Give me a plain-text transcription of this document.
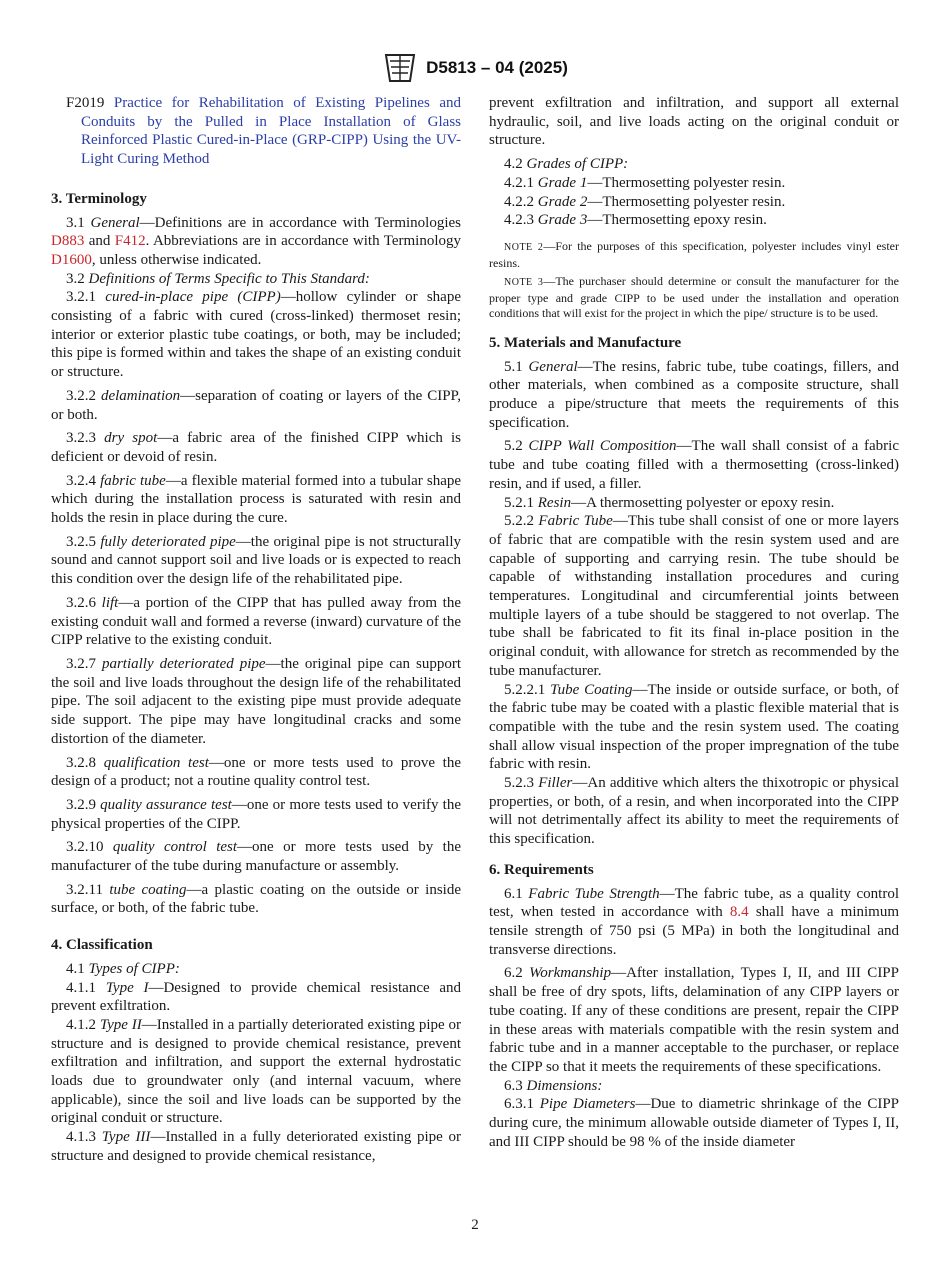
D5813 – 04 (2025)

F2019 Practice for Rehabilitation of Existing Pipelines and Conduits by the Pulled in Place Installation of Glass Reinforced Plastic Cured-in-Place (GRP-CIPP) Using the UV-Light Curing Method

3. Terminology

3.1 General—Definitions are in accordance with Terminologies D883 and F412. Abbreviations are in accordance with Terminology D1600, unless otherwise indicated.

3.2 Definitions of Terms Specific to This Standard:

3.2.1 cured-in-place pipe (CIPP)—hollow cylinder or shape consisting of a fabric with cured (cross-linked) thermoset resin; interior or exterior plastic tube coatings, or both, may be included; this pipe is formed within and takes the shape of an existing conduit or structure.

3.2.2 delamination—separation of coating or layers of the CIPP, or both.

3.2.3 dry spot—a fabric area of the finished CIPP which is deficient or devoid of resin.

3.2.4 fabric tube—a flexible material formed into a tubular shape which during the installation process is saturated with resin and holds the resin in place during the cure.

3.2.5 fully deteriorated pipe—the original pipe is not structurally sound and cannot support soil and live loads or is expected to reach this condition over the design life of the rehabilitated pipe.

3.2.6 lift—a portion of the CIPP that has pulled away from the existing conduit wall and formed a reverse (inward) curvature of the CIPP relative to the existing conduit.

3.2.7 partially deteriorated pipe—the original pipe can support the soil and live loads throughout the design life of the rehabilitated pipe. The soil adjacent to the existing pipe must provide adequate side support. The pipe may have longitudinal cracks and some distortion of the diameter.

3.2.8 qualification test—one or more tests used to prove the design of a product; not a routine quality control test.

3.2.9 quality assurance test—one or more tests used to verify the physical properties of the CIPP.

3.2.10 quality control test—one or more tests used by the manufacturer of the tube during manufacture or assembly.

3.2.11 tube coating—a plastic coating on the outside or inside surface, or both, of the fabric tube.

4. Classification

4.1 Types of CIPP:

4.1.1 Type I—Designed to provide chemical resistance and prevent exfiltration.

4.1.2 Type II—Installed in a partially deteriorated existing pipe or structure and is designed to provide chemical resistance, prevent exfiltration and infiltration, and support the external hydrostatic loads due to groundwater only (and internal vacuum, where applicable), since the soil and live loads can be supported by the original conduit or structure.

4.1.3 Type III—Installed in a fully deteriorated existing pipe or structure and designed to provide chemical resistance,

prevent exfiltration and infiltration, and support all external hydraulic, soil, and live loads acting on the original conduit or structure.

4.2 Grades of CIPP:

4.2.1 Grade 1—Thermosetting polyester resin.

4.2.2 Grade 2—Thermosetting polyester resin.

4.2.3 Grade 3—Thermosetting epoxy resin.

NOTE 2—For the purposes of this specification, polyester includes vinyl ester resins.

NOTE 3—The purchaser should determine or consult the manufacturer for the proper type and grade CIPP to be used under the installation and operation conditions that will exist for the project in which the pipe/ structure is to be used.

5. Materials and Manufacture

5.1 General—The resins, fabric tube, tube coatings, fillers, and other materials, when combined as a composite structure, shall produce a pipe/structure that meets the requirements of this specification.

5.2 CIPP Wall Composition—The wall shall consist of a fabric tube and tube coating filled with a thermosetting (cross-linked) resin, and if used, a filler.

5.2.1 Resin—A thermosetting polyester or epoxy resin.

5.2.2 Fabric Tube—This tube shall consist of one or more layers of fabric that are compatible with the resin system used and are capable of supporting and carrying resin. The tube should be capable of withstanding installation procedures and curing temperatures. Longitudinal and circumferential joints between multiple layers of a tube should be staggered to not overlap. The tube shall be fabricated to fit its final in-place position in the original conduit, with allowance for stretch as recommended by the tube manufacturer.

5.2.2.1 Tube Coating—The inside or outside surface, or both, of the fabric tube may be coated with a plastic flexible material that is compatible with the tube and the resin system used. The coating shall allow visual inspection of the proper impregnation of the tube fabric with resin.

5.2.3 Filler—An additive which alters the thixotropic or physical properties, or both, of a resin, and when incorporated into the CIPP will not detrimentally affect its ability to meet the requirements of this specification.

6. Requirements

6.1 Fabric Tube Strength—The fabric tube, as a quality control test, when tested in accordance with 8.4 shall have a minimum tensile strength of 750 psi (5 MPa) in both the longitudinal and transverse directions.

6.2 Workmanship—After installation, Types I, II, and III CIPP shall be free of dry spots, lifts, delamination of any CIPP layers or tube coating. If any of these conditions are present, repair the CIPP in these areas with materials compatible with the resin system and fabric tube and in a manner acceptable to the purchaser, or replace the CIPP so that it meets the requirements of these specifications.

6.3 Dimensions:

6.3.1 Pipe Diameters—Due to diametric shrinkage of the CIPP during cure, the minimum allowable outside diameter of Types I, II, and III CIPP should be 98 % of the inside diameter

2
